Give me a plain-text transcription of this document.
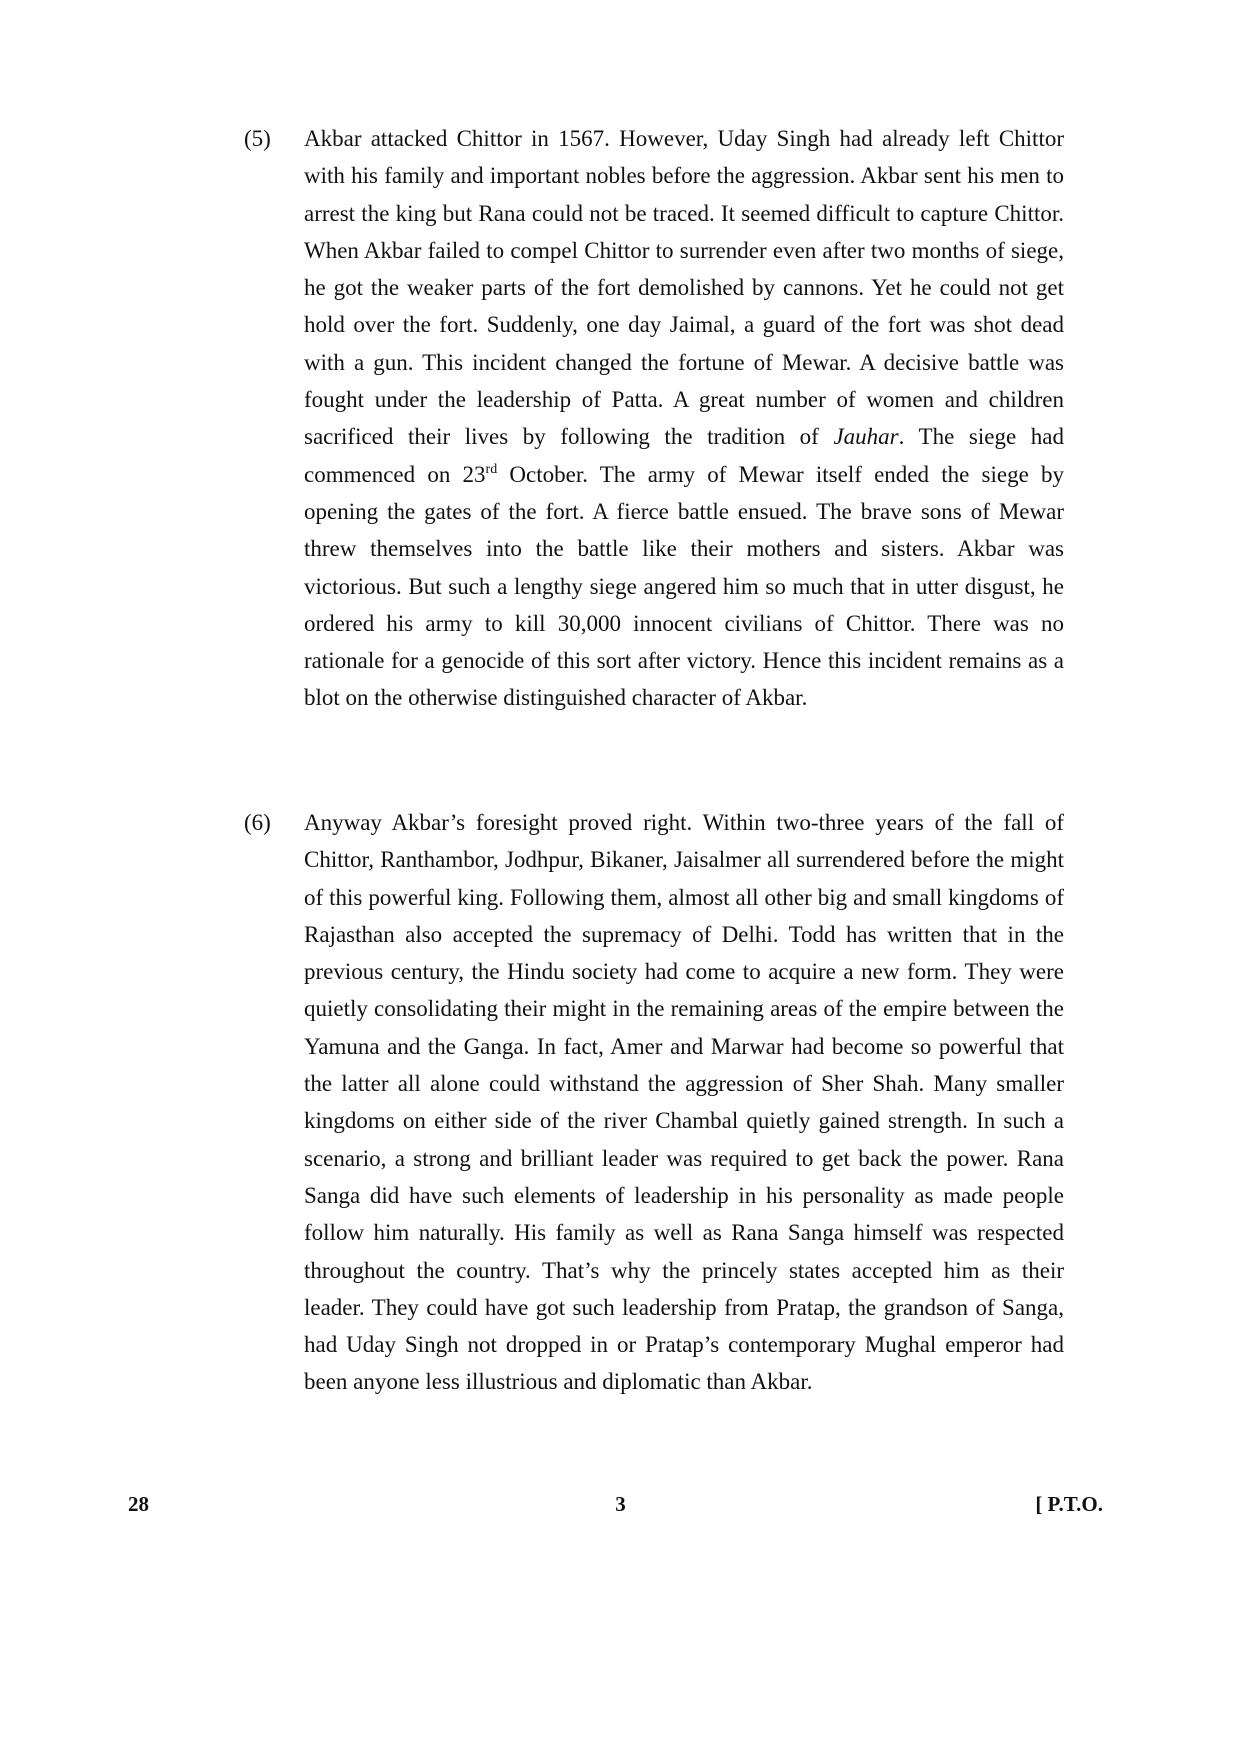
(5) Akbar attacked Chittor in 1567. However, Uday Singh had already left Chittor with his family and important nobles before the aggression. Akbar sent his men to arrest the king but Rana could not be traced. It seemed difficult to capture Chittor. When Akbar failed to compel Chittor to surrender even after two months of siege, he got the weaker parts of the fort demolished by cannons. Yet he could not get hold over the fort. Suddenly, one day Jaimal, a guard of the fort was shot dead with a gun. This incident changed the fortune of Mewar. A decisive battle was fought under the leadership of Patta. A great number of women and children sacrificed their lives by following the tradition of Jauhar. The siege had commenced on 23rd October. The army of Mewar itself ended the siege by opening the gates of the fort. A fierce battle ensued. The brave sons of Mewar threw themselves into the battle like their mothers and sisters. Akbar was victorious. But such a lengthy siege angered him so much that in utter disgust, he ordered his army to kill 30,000 innocent civilians of Chittor. There was no rationale for a genocide of this sort after victory. Hence this incident remains as a blot on the otherwise distinguished character of Akbar.
(6) Anyway Akbar’s foresight proved right. Within two-three years of the fall of Chittor, Ranthambor, Jodhpur, Bikaner, Jaisalmer all surrendered before the might of this powerful king. Following them, almost all other big and small kingdoms of Rajasthan also accepted the supremacy of Delhi. Todd has written that in the previous century, the Hindu society had come to acquire a new form. They were quietly consolidating their might in the remaining areas of the empire between the Yamuna and the Ganga. In fact, Amer and Marwar had become so powerful that the latter all alone could withstand the aggression of Sher Shah. Many smaller kingdoms on either side of the river Chambal quietly gained strength. In such a scenario, a strong and brilliant leader was required to get back the power. Rana Sanga did have such elements of leadership in his personality as made people follow him naturally. His family as well as Rana Sanga himself was respected throughout the country. That’s why the princely states accepted him as their leader. They could have got such leadership from Pratap, the grandson of Sanga, had Uday Singh not dropped in or Pratap’s contemporary Mughal emperor had been anyone less illustrious and diplomatic than Akbar.
28	3	[ P.T.O.
